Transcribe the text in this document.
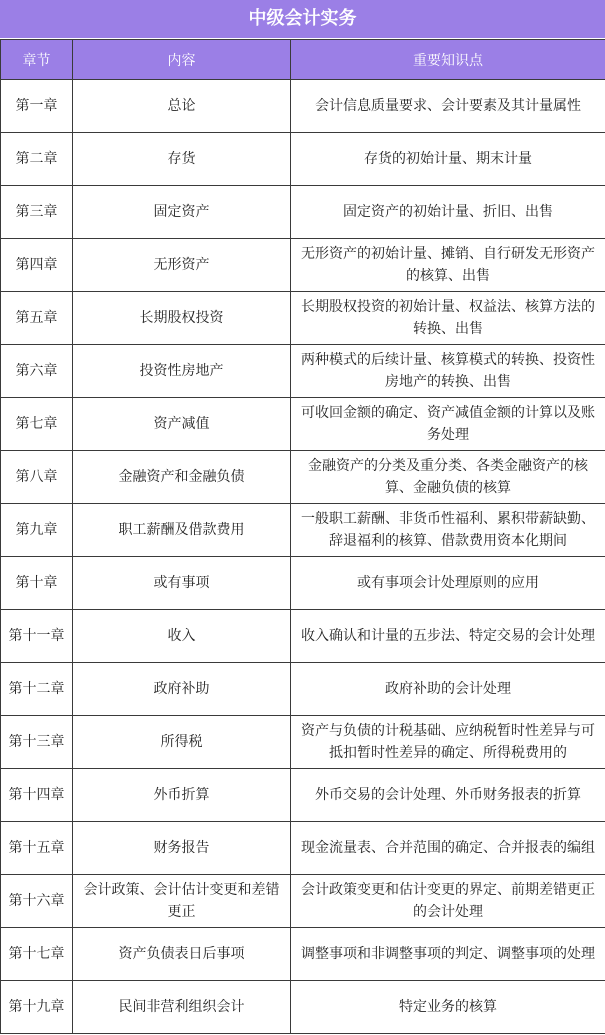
中级会计实务
章节	内容	重要知识点

第一章	总论	会计信息质量要求、会计要素及其计量属性

第二章	存货	存货的初始计量、期末计量

第三章	固定资产	固定资产的初始计量、折旧、出售

第四章	无形资产	无形资产的初始计量、摊销、自行研发无形资产的核算、出售

第五章	长期股权投资	长期股权投资的初始计量、权益法、核算方法的转换、出售

第六章	投资性房地产	两种模式的后续计量、核算模式的转换、投资性房地产的转换、出售

第七章	资产减值	可收回金额的确定、资产减值金额的计算以及账务处理

第八章	金融资产和金融负债	金融资产的分类及重分类、各类金融资产的核算、金融负债的核算

第九章	职工薪酬及借款费用	一般职工薪酬、非货币性福利、累积带薪缺勤、辞退福利的核算、借款费用资本化期间

第十章	或有事项	或有事项会计处理原则的应用

第十一章	收入	收入确认和计量的五步法、特定交易的会计处理

第十二章	政府补助	政府补助的会计处理

第十三章	所得税	资产与负债的计税基础、应纳税暂时性差异与可抵扣暂时性差异的确定、所得税费用的

第十四章	外币折算	外币交易的会计处理、外币财务报表的折算

第十五章	财务报告	现金流量表、合并范围的确定、合并报表的编组

第十六章	会计政策、会计估计变更和差错更正	会计政策变更和估计变更的界定、前期差错更正的会计处理

第十七章	资产负债表日后事项	调整事项和非调整事项的判定、调整事项的处理

第十九章	民间非营利组织会计	特定业务的核算
